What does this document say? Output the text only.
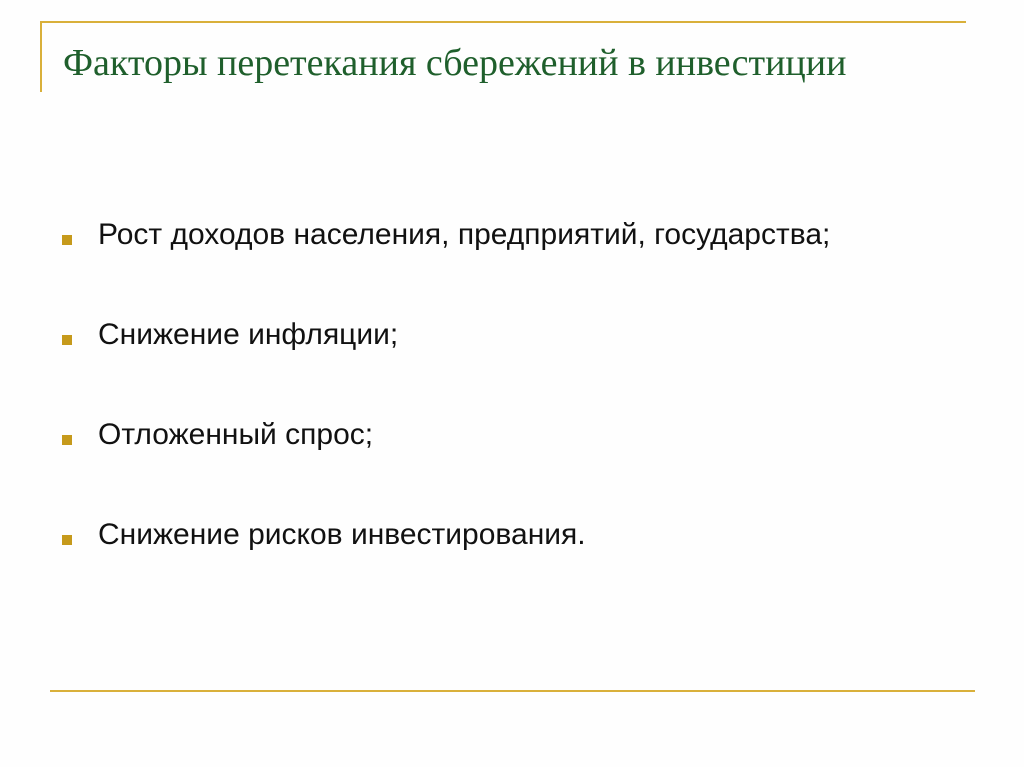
Факторы перетекания сбережений в инвестиции
Рост доходов населения, предприятий, государства;
Снижение инфляции;
Отложенный спрос;
Снижение рисков инвестирования.
